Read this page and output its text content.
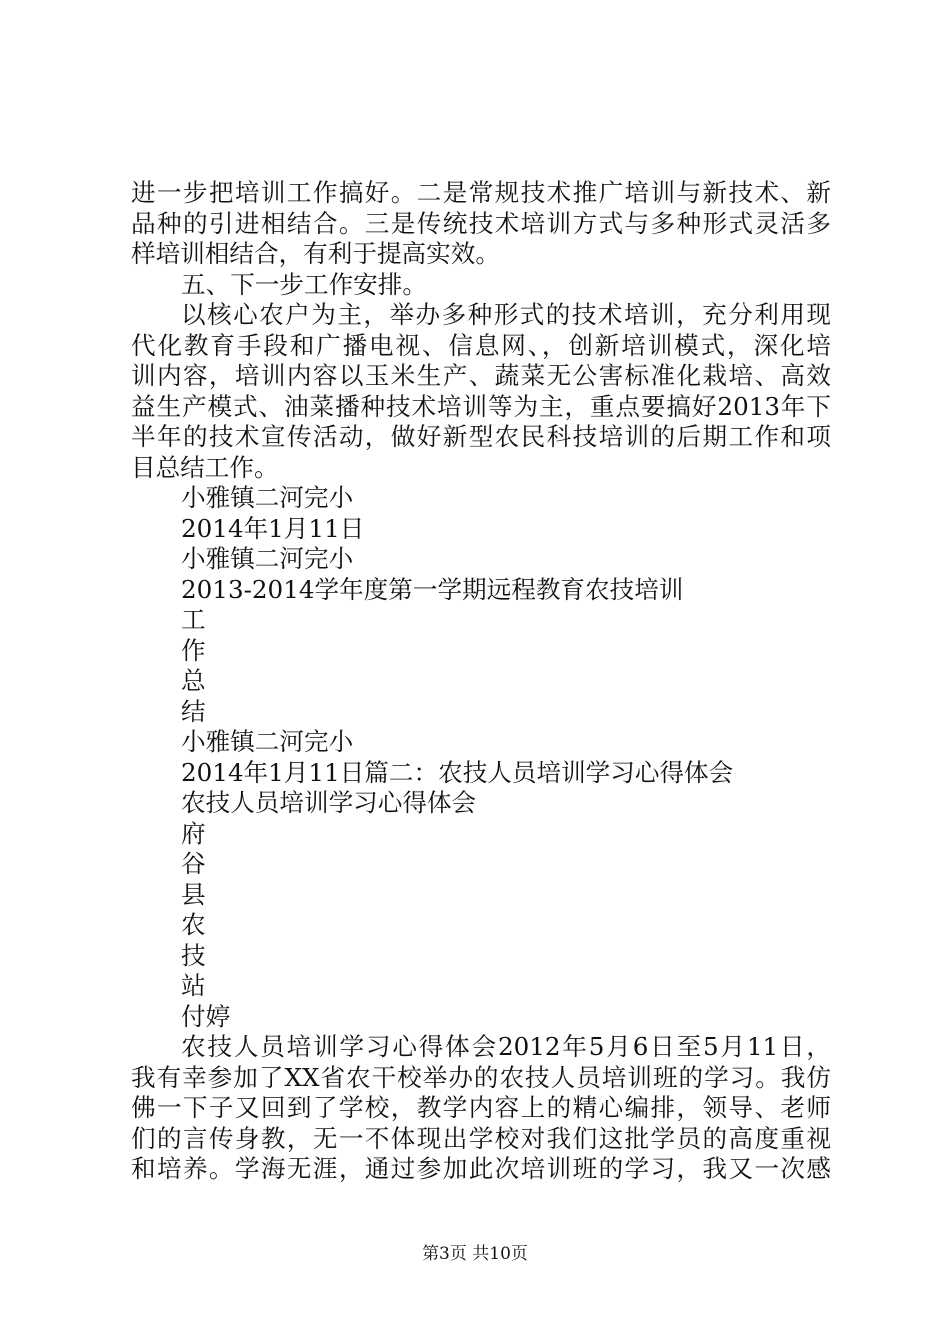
进一步把培训工作搞好。二是常规技术推广培训与新技术、新
品种的引进相结合。三是传统技术培训方式与多种形式灵活多
样培训相结合，有利于提高实效。
五、下一步工作安排。
以核心农户为主，举办多种形式的技术培训，充分利用现
代化教育手段和广播电视、信息网、，创新培训模式，深化培
训内容，培训内容以玉米生产、蔬菜无公害标准化栽培、高效
益生产模式、油菜播种技术培训等为主，重点要搞好2013年下
半年的技术宣传活动，做好新型农民科技培训的后期工作和项
目总结工作。
小雅镇二河完小
2014年1月11日
小雅镇二河完小
2013-2014学年度第一学期远程教育农技培训
工
作
总
结
小雅镇二河完小
2014年1月11日篇二：农技人员培训学习心得体会
农技人员培训学习心得体会
府
谷
县
农
技
站
付婷
农技人员培训学习心得体会2012年5月6日至5月11日，
我有幸参加了XX省农干校举办的农技人员培训班的学习。我仿
佛一下子又回到了学校，教学内容上的精心编排，领导、老师
们的言传身教，无一不体现出学校对我们这批学员的高度重视
和培养。学海无涯，通过参加此次培训班的学习，我又一次感
第3页 共10页
